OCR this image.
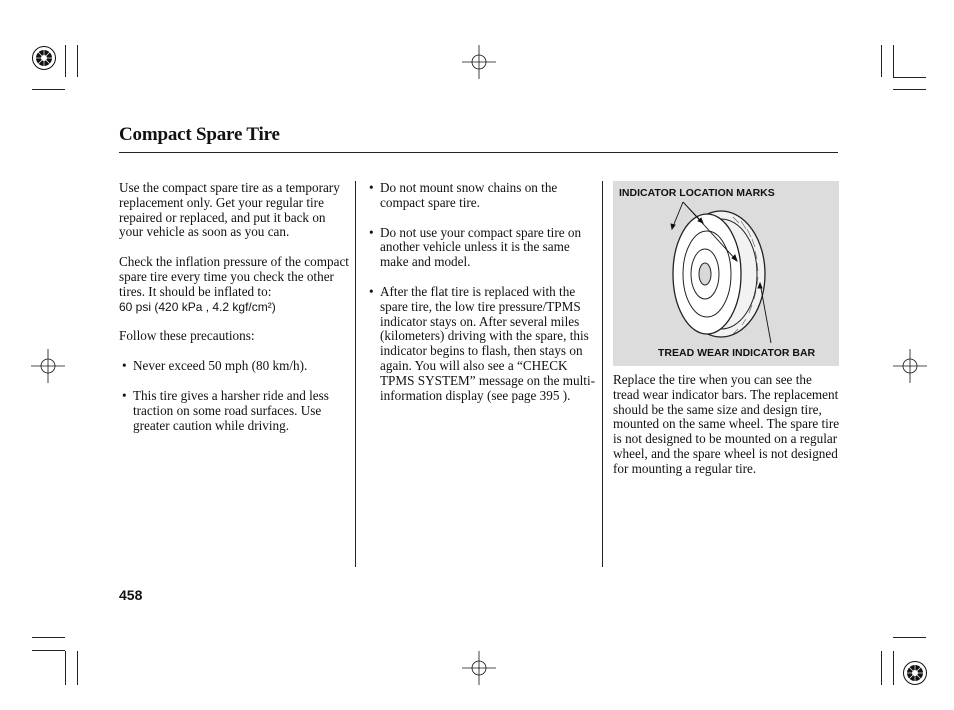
Compact Spare Tire

Use the compact spare tire as a temporary replacement only. Get your regular tire repaired or replaced, and put it back on your vehicle as soon as you can.

Check the inflation pressure of the compact spare tire every time you check the other tires. It should be inflated to:

60 psi (420 kPa , 4.2 kgf/cm²)

Follow these precautions:

• Never exceed 50 mph (80 km/h).
• This tire gives a harsher ride and less traction on some road surfaces. Use greater caution while driving.
• Do not mount snow chains on the compact spare tire.
• Do not use your compact spare tire on another vehicle unless it is the same make and model.
• After the flat tire is replaced with the spare tire, the low tire pressure/TPMS indicator stays on. After several miles (kilometers) driving with the spare, this indicator begins to flash, then stays on again. You will also see a “CHECK TPMS SYSTEM” message on the multi-information display (see page 395 ).
INDICATOR LOCATION MARKS
TREAD WEAR INDICATOR BAR

Replace the tire when you can see the tread wear indicator bars. The replacement should be the same size and design tire, mounted on the same wheel. The spare tire is not designed to be mounted on a regular wheel, and the spare wheel is not designed for mounting a regular tire.

458
